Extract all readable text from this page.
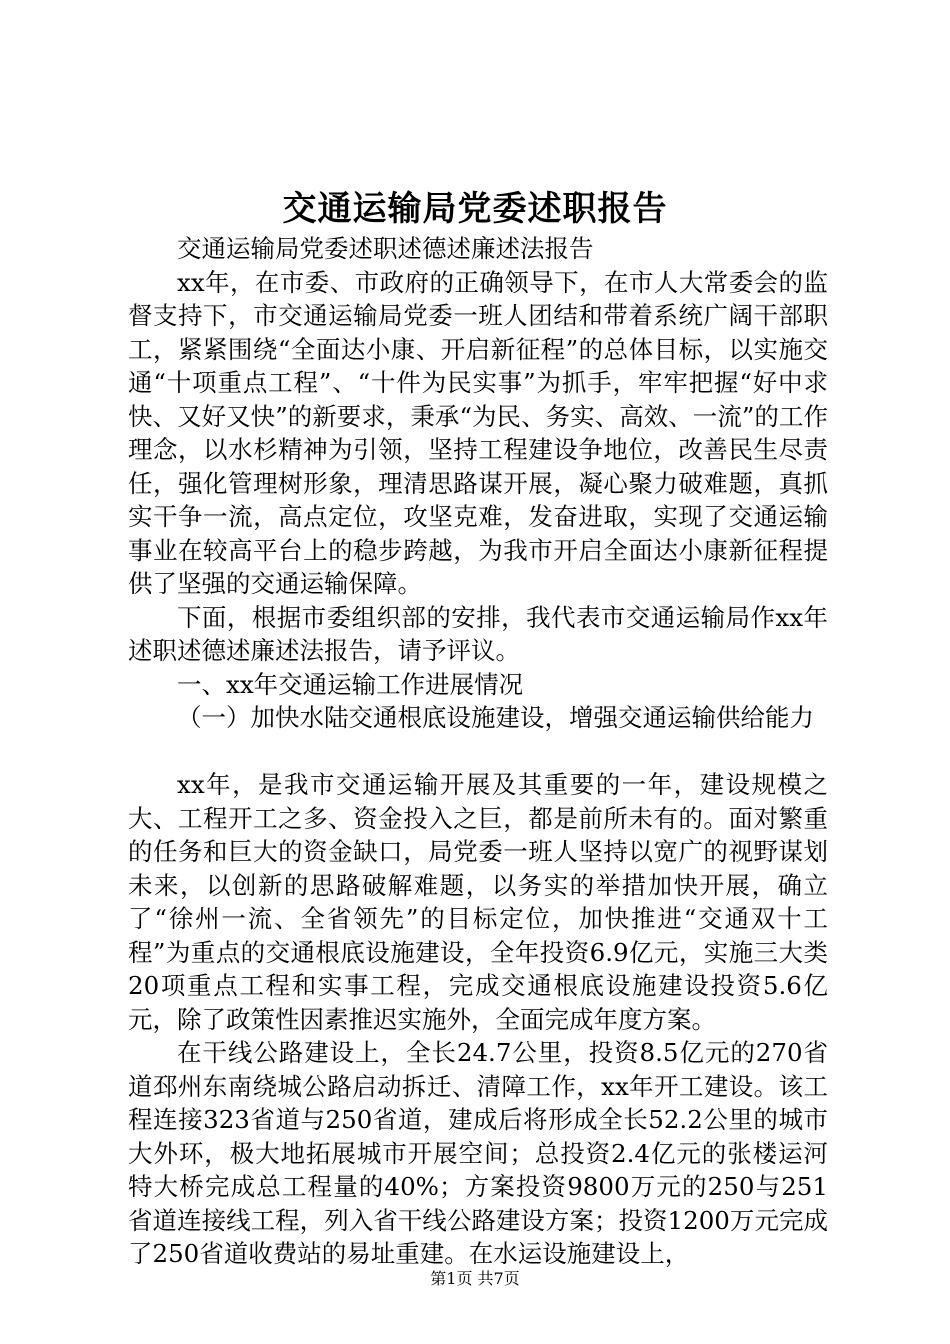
交通运输局党委述职报告

交通运输局党委述职述德述廉述法报告

xx年，在市委、市政府的正确领导下，在市人大常委会的监督支持下，市交通运输局党委一班人团结和带着系统广阔干部职工，紧紧围绕“全面达小康、开启新征程”的总体目标，以实施交通“十项重点工程”、“十件为民实事”为抓手，牢牢把握“好中求快、又好又快”的新要求，秉承“为民、务实、高效、一流”的工作理念，以水杉精神为引领，坚持工程建设争地位，改善民生尽责任，强化管理树形象，理清思路谋开展，凝心聚力破难题，真抓实干争一流，高点定位，攻坚克难，发奋进取，实现了交通运输事业在较高平台上的稳步跨越，为我市开启全面达小康新征程提供了坚强的交通运输保障。

下面，根据市委组织部的安排，我代表市交通运输局作xx年述职述德述廉述法报告，请予评议。

一、xx年交通运输工作进展情况

（一）加快水陆交通根底设施建设，增强交通运输供给能力

xx年，是我市交通运输开展及其重要的一年，建设规模之大、工程开工之多、资金投入之巨，都是前所未有的。面对繁重的任务和巨大的资金缺口，局党委一班人坚持以宽广的视野谋划未来，以创新的思路破解难题，以务实的举措加快开展，确立了“徐州一流、全省领先”的目标定位，加快推进“交通双十工程”为重点的交通根底设施建设，全年投资6.9亿元，实施三大类20项重点工程和实事工程，完成交通根底设施建设投资5.6亿元，除了政策性因素推迟实施外，全面完成年度方案。

在干线公路建设上，全长24.7公里，投资8.5亿元的270省道邳州东南绕城公路启动拆迁、清障工作，xx年开工建设。该工程连接323省道与250省道，建成后将形成全长52.2公里的城市大外环，极大地拓展城市开展空间；总投资2.4亿元的张楼运河特大桥完成总工程量的40%；方案投资9800万元的250与251省道连接线工程，列入省干线公路建设方案；投资1200万元完成了250省道收费站的易址重建。在水运设施建设上，

第1页 共7页
